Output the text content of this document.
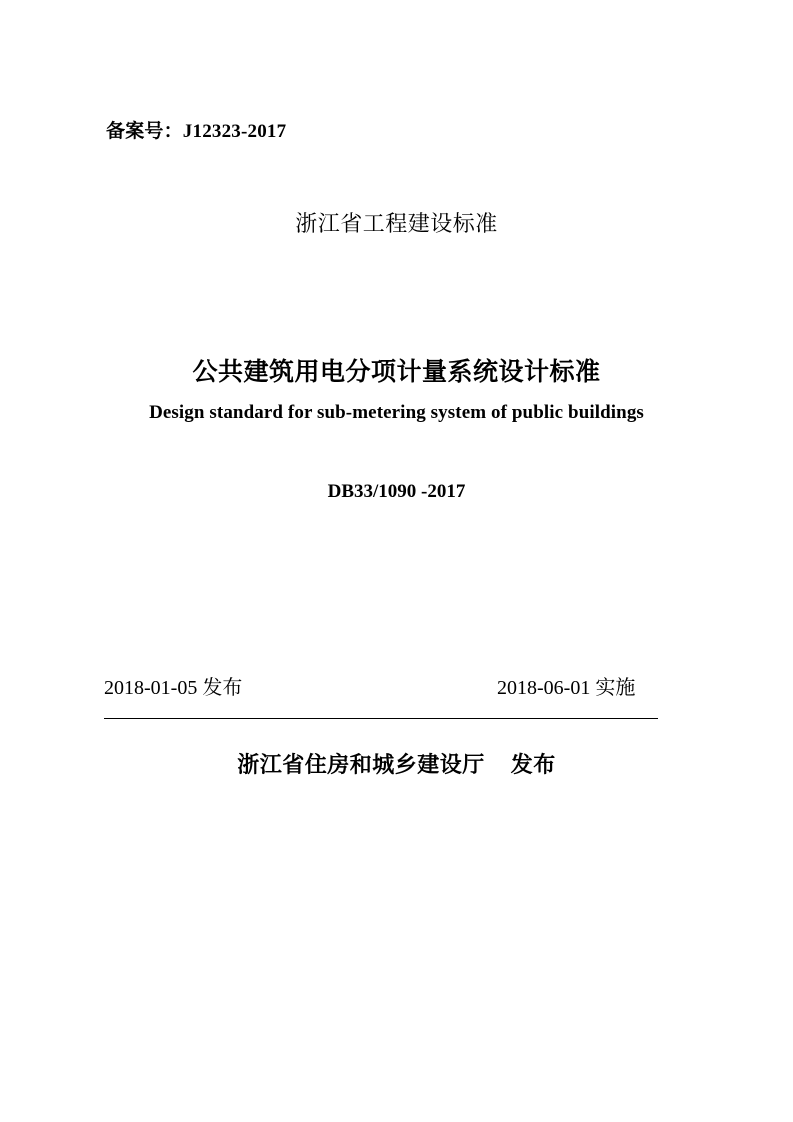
备案号：J12323-2017
浙江省工程建设标准
公共建筑用电分项计量系统设计标准
Design standard for sub-metering system of public buildings
DB33/1090 -2017
2018-01-05 发布	2018-06-01 实施
浙江省住房和城乡建设厅 发布
